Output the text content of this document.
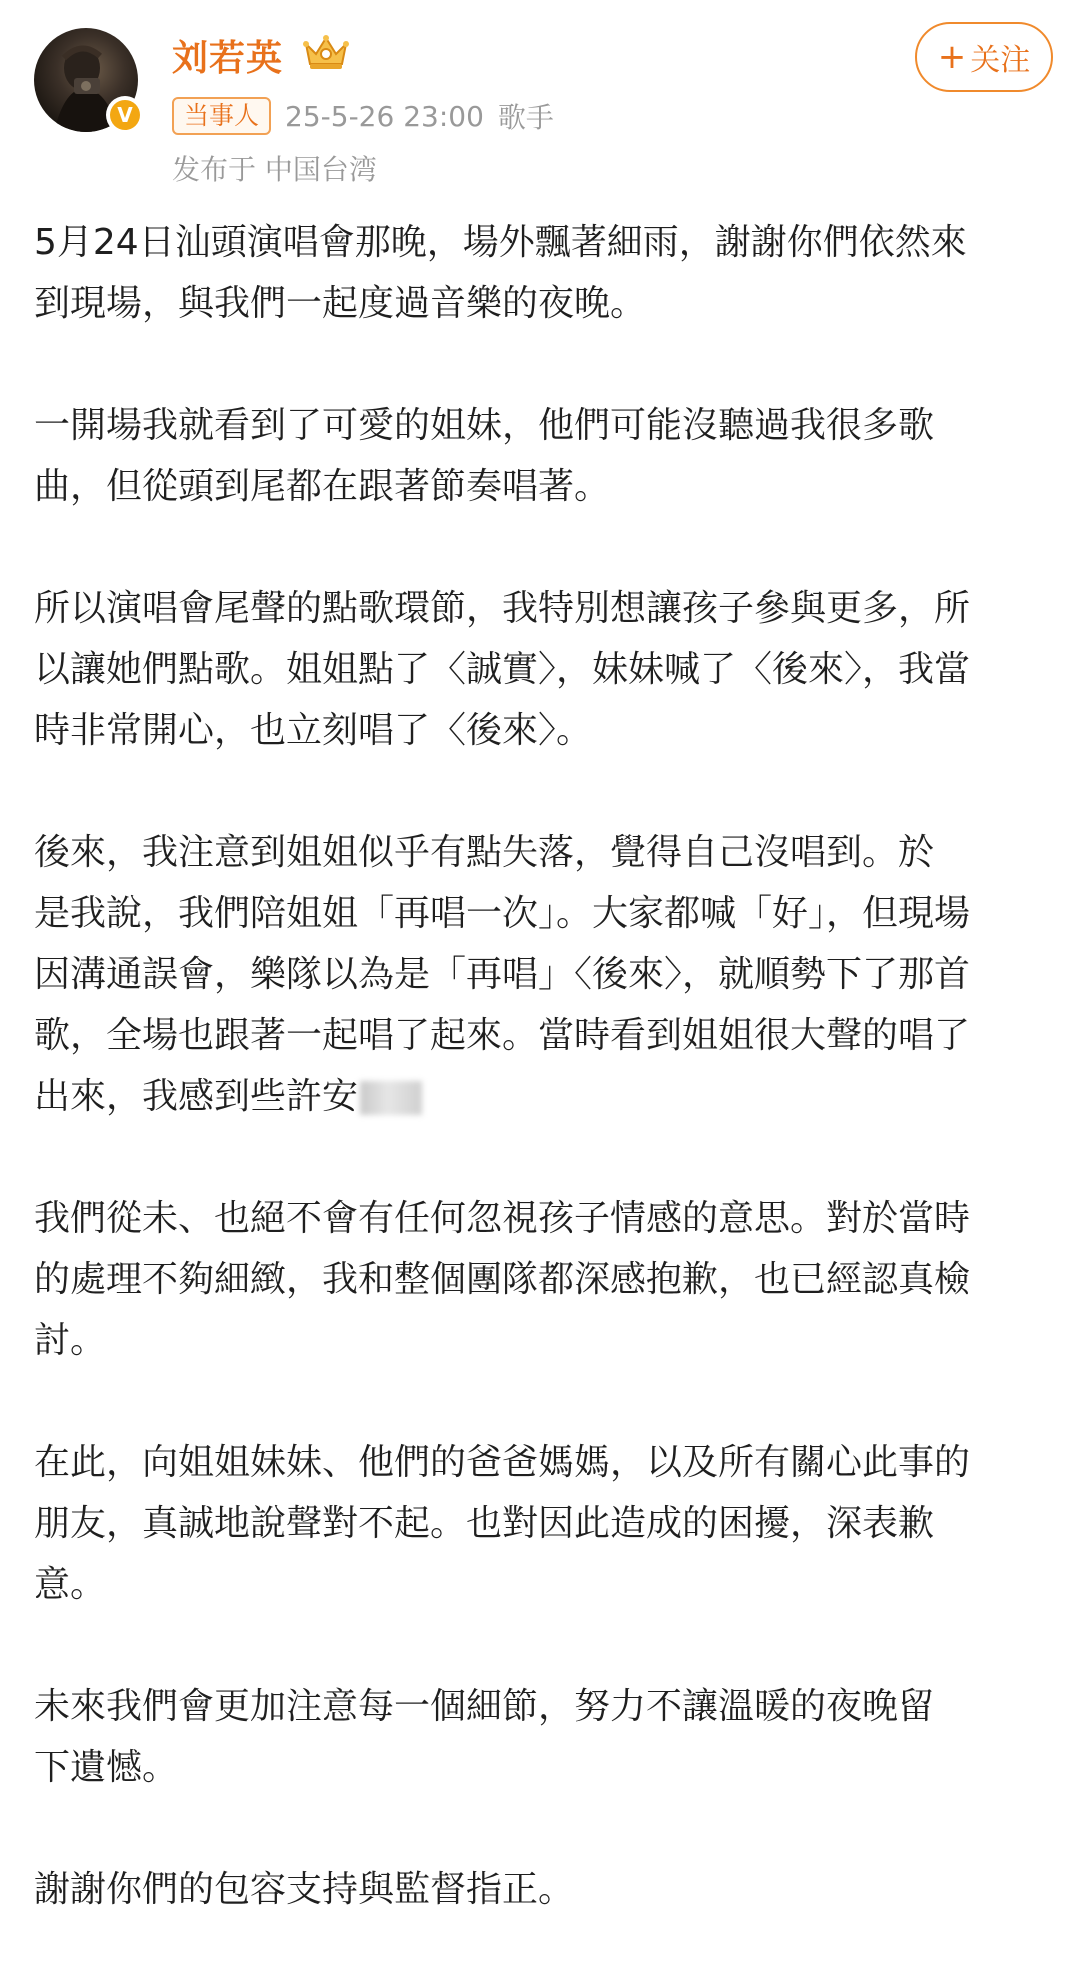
V
刘若英	+ 关注
当事人 25-5-26 23:00 歌手
发布于 中国台湾

5月24日汕頭演唱會那晚，場外飄著細雨，謝謝你們依然來
到現場，與我們一起度過音樂的夜晚。

一開場我就看到了可愛的姐妹，他們可能沒聽過我很多歌
曲，但從頭到尾都在跟著節奏唱著。

所以演唱會尾聲的點歌環節，我特別想讓孩子參與更多，所
以讓她們點歌。姐姐點了〈誠實〉，妹妹喊了〈後來〉，我當
時非常開心，也立刻唱了〈後來〉。

後來，我注意到姐姐似乎有點失落，覺得自己沒唱到。於
是我說，我們陪姐姐「再唱一次」。大家都喊「好」，但現場
因溝通誤會，樂隊以為是「再唱」〈後來〉，就順勢下了那首
歌，全場也跟著一起唱了起來。當時看到姐姐很大聲的唱了
出來，我感到些許安

我們從未、也絕不會有任何忽視孩子情感的意思。對於當時
的處理不夠細緻，我和整個團隊都深感抱歉，也已經認真檢
討。

在此，向姐姐妹妹、他們的爸爸媽媽，以及所有關心此事的
朋友，真誠地說聲對不起。也對因此造成的困擾，深表歉
意。

未來我們會更加注意每一個細節，努力不讓溫暖的夜晚留
下遺憾。

謝謝你們的包容支持與監督指正。
